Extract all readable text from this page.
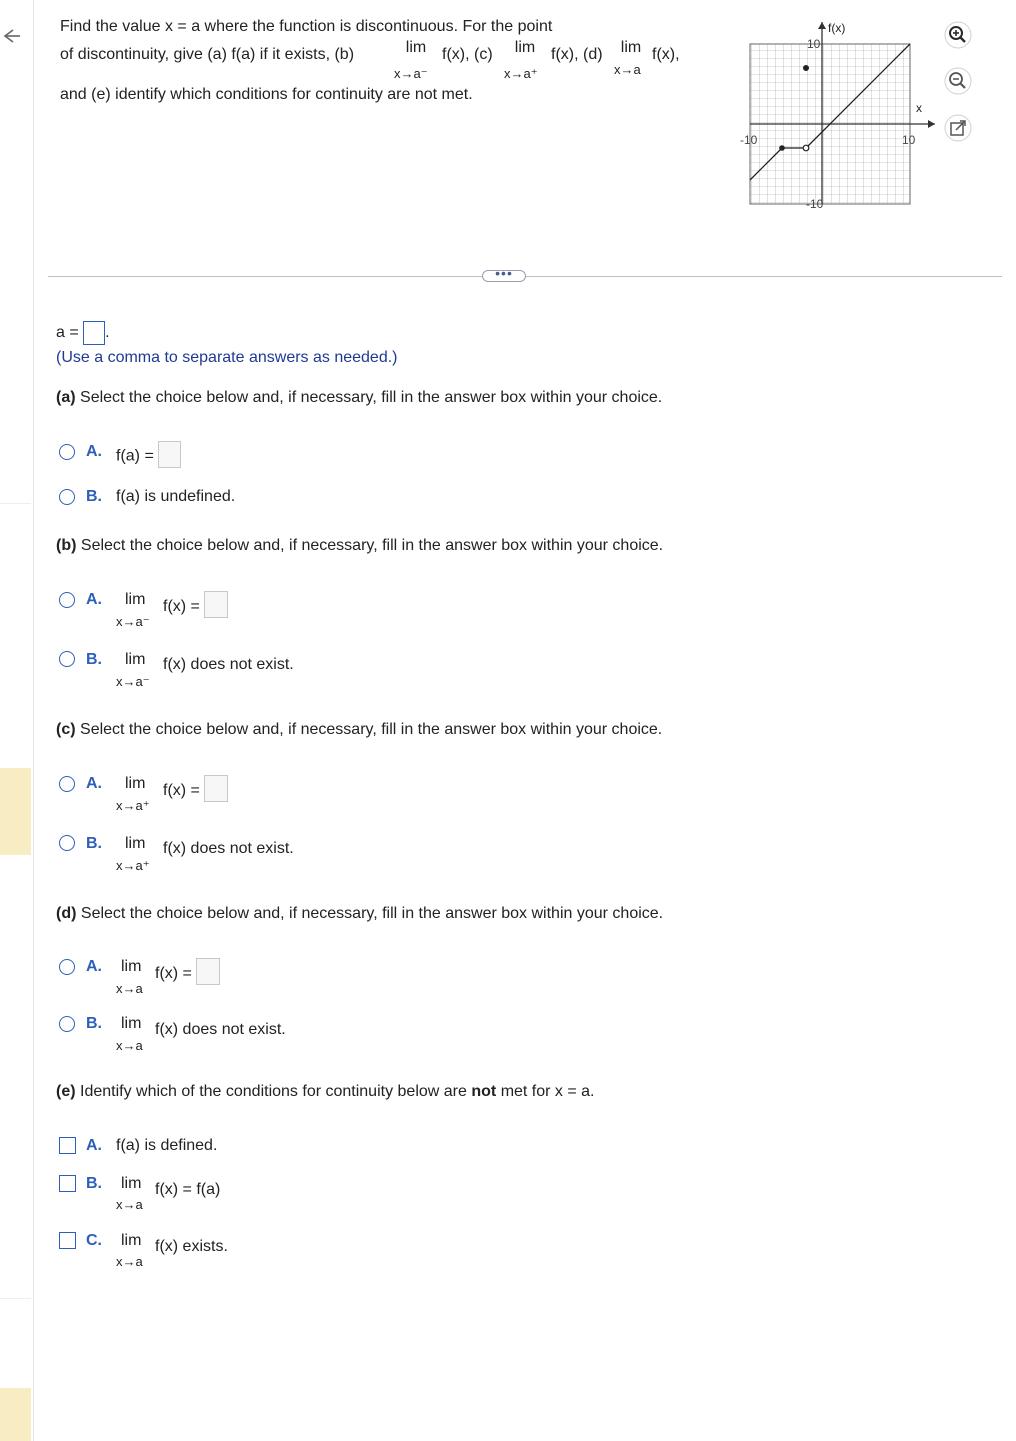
Find the value x = a where the function is discontinuous. For the point
of discontinuity, give (a) f(a) if it exists, (b)	lim
x→a⁻
f(x), (c) lim
x→a⁺
f(x), (d) lim
x→a
f(x),
and (e) identify which conditions for continuity are not met.
f(x)
x
10
-10
-10	10
•••
a = .
(Use a comma to separate answers as needed.)
(a) Select the choice below and, if necessary, fill in the answer box within your choice.
A. f(a) =
B. f(a) is undefined.
(b) Select the choice below and, if necessary, fill in the answer box within your choice.
A. lim
x→a⁻
f(x) =
B. lim
x→a⁻
f(x) does not exist.
(c) Select the choice below and, if necessary, fill in the answer box within your choice.
A. lim
x→a⁺
f(x) =
B. lim
x→a⁺
f(x) does not exist.
(d) Select the choice below and, if necessary, fill in the answer box within your choice.
A. lim
x→a
f(x) =
B. lim
x→a
f(x) does not exist.
(e) Identify which of the conditions for continuity below are not met for x = a.
A. f(a) is defined.
B. lim
x→a
f(x) = f(a)
C. lim
x→a
f(x) exists.
